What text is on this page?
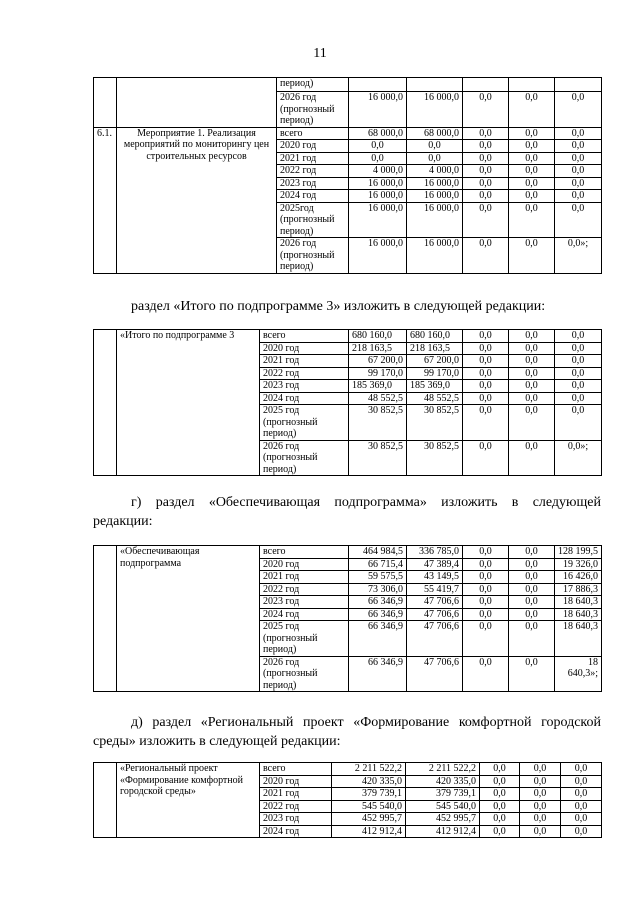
11
		период)					
		2026 год (прогнозный период)	16 000,0	16 000,0	0,0	0,0	0,0
6.1.	Мероприятие 1. Реализация мероприятий по мониторингу цен строительных ресурсов	всего	68 000,0	68 000,0	0,0	0,0	0,0
		2020 год	0,0	0,0	0,0	0,0	0,0
		2021 год	0,0	0,0	0,0	0,0	0,0
		2022 год	4 000,0	4 000,0	0,0	0,0	0,0
		2023 год	16 000,0	16 000,0	0,0	0,0	0,0
		2024 год	16 000,0	16 000,0	0,0	0,0	0,0
		2025год (прогнозный период)	16 000,0	16 000,0	0,0	0,0	0,0
		2026 год (прогнозный период)	16 000,0	16 000,0	0,0	0,0	0,0»;
раздел «Итого по подпрограмме 3» изложить в следующей редакции:
	«Итого по подпрограмме 3	всего	680 160,0	680 160,0	0,0	0,0	0,0
		2020 год	218 163,5	218 163,5	0,0	0,0	0,0
		2021 год	67 200,0	67 200,0	0,0	0,0	0,0
		2022 год	99 170,0	99 170,0	0,0	0,0	0,0
		2023 год	185 369,0	185 369,0	0,0	0,0	0,0
		2024 год	48 552,5	48 552,5	0,0	0,0	0,0
		2025 год (прогнозный период)	30 852,5	30 852,5	0,0	0,0	0,0
		2026 год (прогнозный период)	30 852,5	30 852,5	0,0	0,0	0,0»;
г) раздел «Обеспечивающая подпрограмма» изложить в следующей
редакции:
	«Обеспечивающая подпрограмма	всего	464 984,5	336 785,0	0,0	0,0	128 199,5
		2020 год	66 715,4	47 389,4	0,0	0,0	19 326,0
		2021 год	59 575,5	43 149,5	0,0	0,0	16 426,0
		2022 год	73 306,0	55 419,7	0,0	0,0	17 886,3
		2023 год	66 346,9	47 706,6	0,0	0,0	18 640,3
		2024 год	66 346,9	47 706,6	0,0	0,0	18 640,3
		2025 год (прогнозный период)	66 346,9	47 706,6	0,0	0,0	18 640,3
		2026 год (прогнозный период)	66 346,9	47 706,6	0,0	0,0	18 640,3»;
д) раздел «Региональный проект «Формирование комфортной городской
среды» изложить в следующей редакции:
	«Региональный проект «Формирование комфортной городской среды»	всего	2 211 522,2	2 211 522,2	0,0	0,0	0,0
		2020 год	420 335,0	420 335,0	0,0	0,0	0,0
		2021 год	379 739,1	379 739,1	0,0	0,0	0,0
		2022 год	545 540,0	545 540,0	0,0	0,0	0,0
		2023 год	452 995,7	452 995,7	0,0	0,0	0,0
		2024 год	412 912,4	412 912,4	0,0	0,0	0,0
